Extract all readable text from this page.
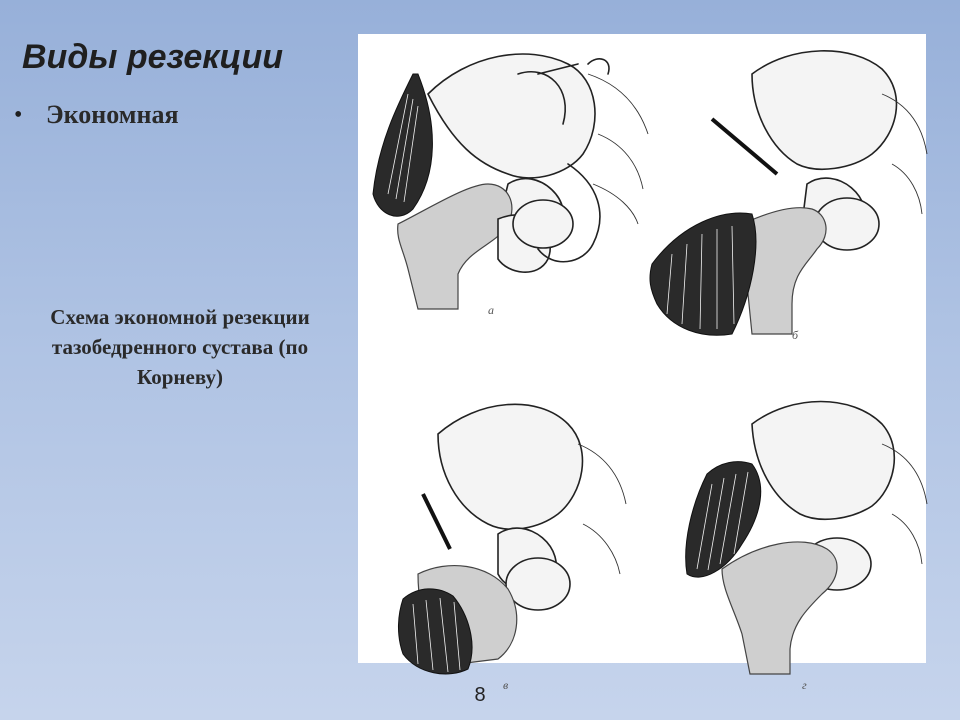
Виды резекции
• Экономная
Схема экономной резекции тазобедренного сустава (по Корневу)
а
б
в	г
8
